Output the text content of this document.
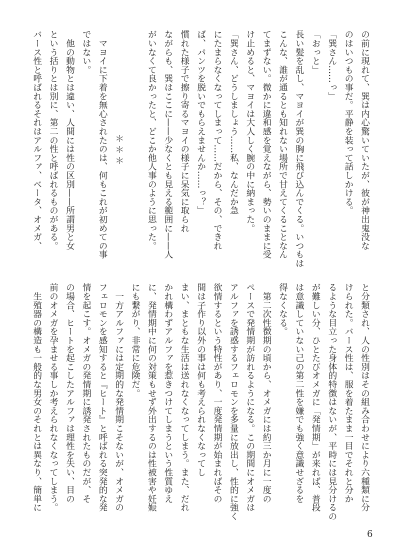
の前に現れて、巽は内心驚いていたが、彼が神出鬼没な
のはいつもの事だ。平静を装って話しかける。
「巽さん……っ」
「おっと」
長い髪を乱し、マヨイが巽の胸に飛び込んでくる。いつもは
こんな、誰が通るとも知れない場所で甘えてくることなん
てまずない。微かに違和感を覚えながら、勢いのままに受
け止めると、マヨイは大人しく腕の中に納まった。
「巽さん、どうしましょう……私、なんだか急
にたまらなくなってしまって……だから、その、できれ
ば、パンツを脱いでもらえませんか……っ？」
慣れた様子で擦り寄るマヨイの様子に呆気に取られ
ながらも、巽はここに——少なくとも見える範囲に——人
がいなくて良かったと、どこか他人事のように思った。
＊＊＊
　マヨイに下着を無心されたのは、何もこれが初めての事
ではない。
　他の動物とは違い、人間には性の区別——所謂男と女
という括りとは別に、第二の性と呼ばれるものがある。
バース性と呼ばれるそれはアルファ、ベータ、オメガ、
と分類され、人の性別はその組み合わせにより六種類に分
けられた。バース性は、服を着たまま一目でそれと分か
るような目立った身体的特徴はないが、平時には見分けるの
が難しい分、ひとたびオメガに「発情期」が来れば、普段
は意識していない己の第二性を嫌でも強く意識せざるを
得なくなる。
　第二次性徴期の頃から、オメガには約三か月に一度の
ペースで発情期が訪れるようになる。この期間にオメガは
アルファを誘惑するフェロモンを多量に放出し、性的に強く
欲情するという特性があり、一度発情期が始まればその
間は子作り以外の事は何も考えられなくなってし
まい、まともな生活は送れなくなってしまう。また、だれ
かれ構わずアルファを惹きつけてしまうという性質ゆえ
に、発情期中に何の対策もせず外出するのは性被害や妊娠
にも繋がり、非常に危険だ。
　一方アルファには定期的な発情期こそないが、オメガの
フェロモンを感知すると『ヒート』と呼ばれる突発的な発
情を起こす。オメガの発情期に誘発されたものだが、そ
の場合、ヒートを起こしたアルファは理性を失い、目の
前のオメガを孕ませる事しか考えられなくなってしまう。
　生殖器の構造も一般的な男女のそれとは異なり、簡単に
6
